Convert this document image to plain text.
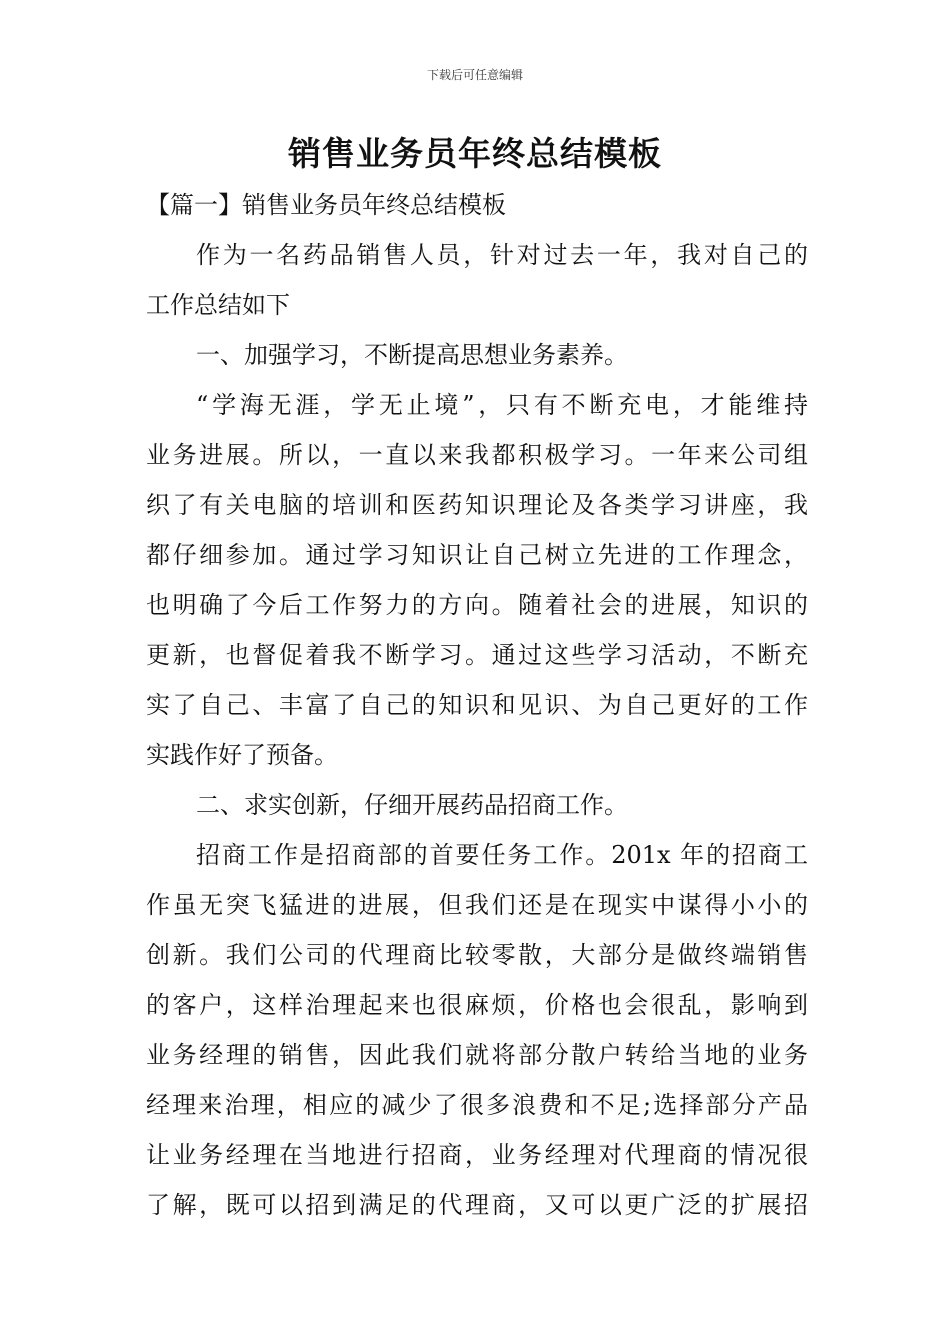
下载后可任意编辑
销售业务员年终总结模板
【篇一】销售业务员年终总结模板
作为一名药品销售人员，针对过去一年，我对自己的
工作总结如下
一、加强学习，不断提高思想业务素养。
“学海无涯，学无止境”，只有不断充电，才能维持
业务进展。所以，一直以来我都积极学习。一年来公司组
织了有关电脑的培训和医药知识理论及各类学习讲座，我
都仔细参加。通过学习知识让自己树立先进的工作理念，
也明确了今后工作努力的方向。随着社会的进展，知识的
更新，也督促着我不断学习。通过这些学习活动，不断充
实了自己、丰富了自己的知识和见识、为自己更好的工作
实践作好了预备。
二、求实创新，仔细开展药品招商工作。
招商工作是招商部的首要任务工作。201x 年的招商工
作虽无突飞猛进的进展，但我们还是在现实中谋得小小的
创新。我们公司的代理商比较零散，大部分是做终端销售
的客户，这样治理起来也很麻烦，价格也会很乱，影响到
业务经理的销售，因此我们就将部分散户转给当地的业务
经理来治理，相应的减少了很多浪费和不足;选择部分产品
让业务经理在当地进行招商，业务经理对代理商的情况很
了解，既可以招到满足的代理商，又可以更广泛的扩展招
